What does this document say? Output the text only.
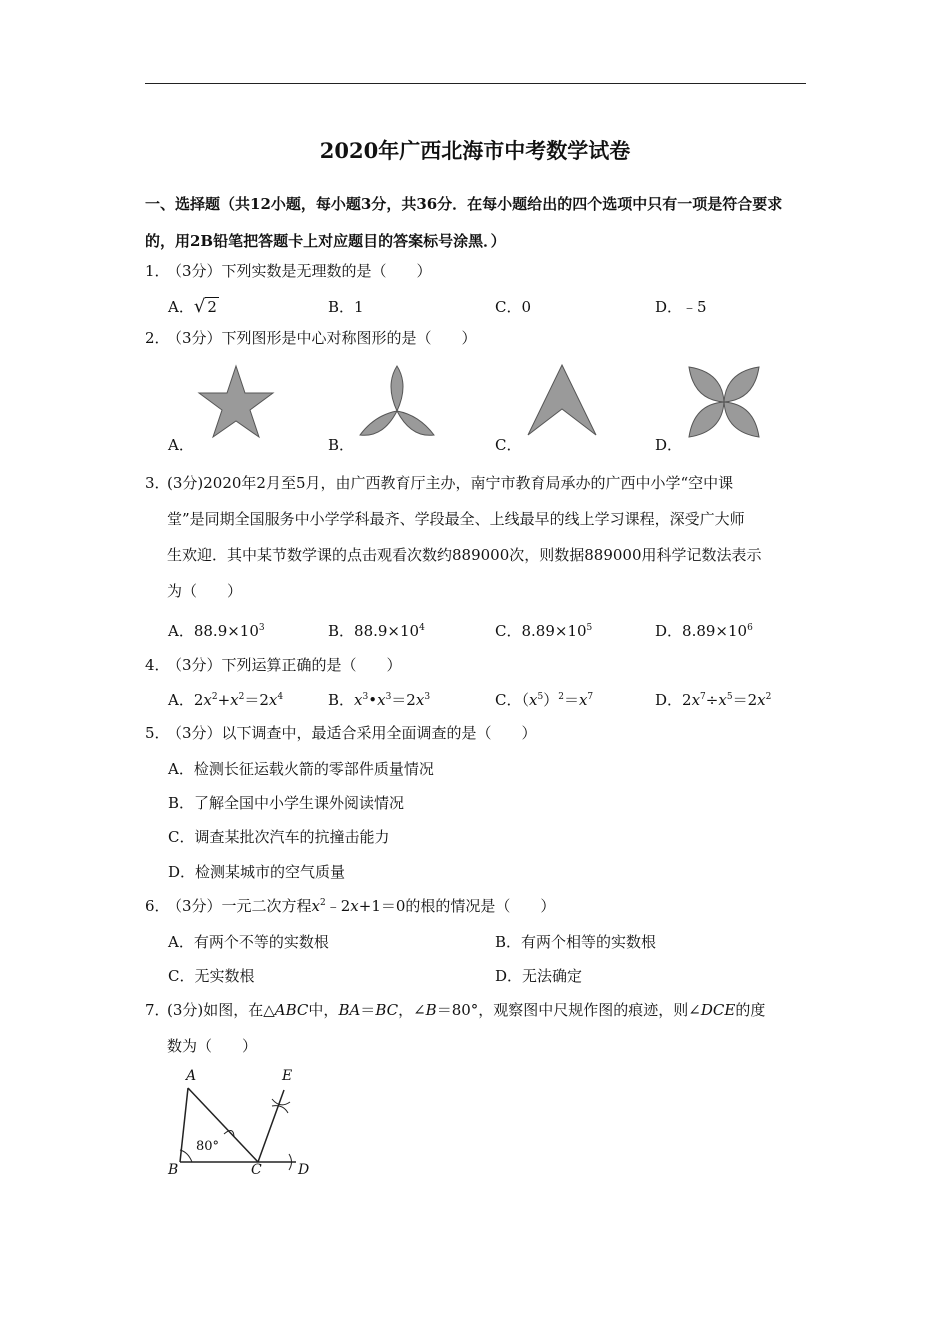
2020年广西北海市中考数学试卷
一、选择题（共12小题，每小题3分，共36分．在每小题给出的四个选项中只有一项是符合要求的，用2B铅笔把答题卡上对应题目的答案标号涂黑．）
1．
（3分）下列实数是无理数的是（　　）
A．√ 2	B．1	C．0	D．﹣5
2．
（3分）下列图形是中心对称图形的是（　　）
A．	B．	C．	D．
3．
(3分)2020年2月至5月，由广西教育厅主办，南宁市教育局承办的广西中小学“空中课
堂”是同期全国服务中小学学科最齐、学段最全、上线最早的线上学习课程，深受广大师
生欢迎．其中某节数学课的点击观看次数约889000次，则数据889000用科学记数法表示
为（　　）
A．$88.9\times 10^3$	B．$88.9\times 10^4$	C．$8.89\times 10^5$	D．$8.89\times 10^6$
4．
（3分）下列运算正确的是（　　）
A．$2x^2+x^2=2x^4$	B．$x^3•x^3=2x^3$	C．$(x^5)^2=x^7$	D．$2x^7\div x^5=2x^2$
5．
（3分）以下调查中，最适合采用全面调查的是（　　）
A．检测长征运载火箭的零部件质量情况
B．了解全国中小学生课外阅读情况
C．调查某批次汽车的抗撞击能力
D．检测某城市的空气质量
6．
（3分）一元二次方程$x^2﹣2x+1=0$的根的情况是（　　）
A．有两个不等的实数根	B．有两个相等的实数根
C．无实数根	D．无法确定
7．
(3分)如图，在△ABC中，BA＝BC，∠B＝80°，观察图中尺规作图的痕迹，则∠DCE的度
数为（　　）
A
B	C	D
E
80°
